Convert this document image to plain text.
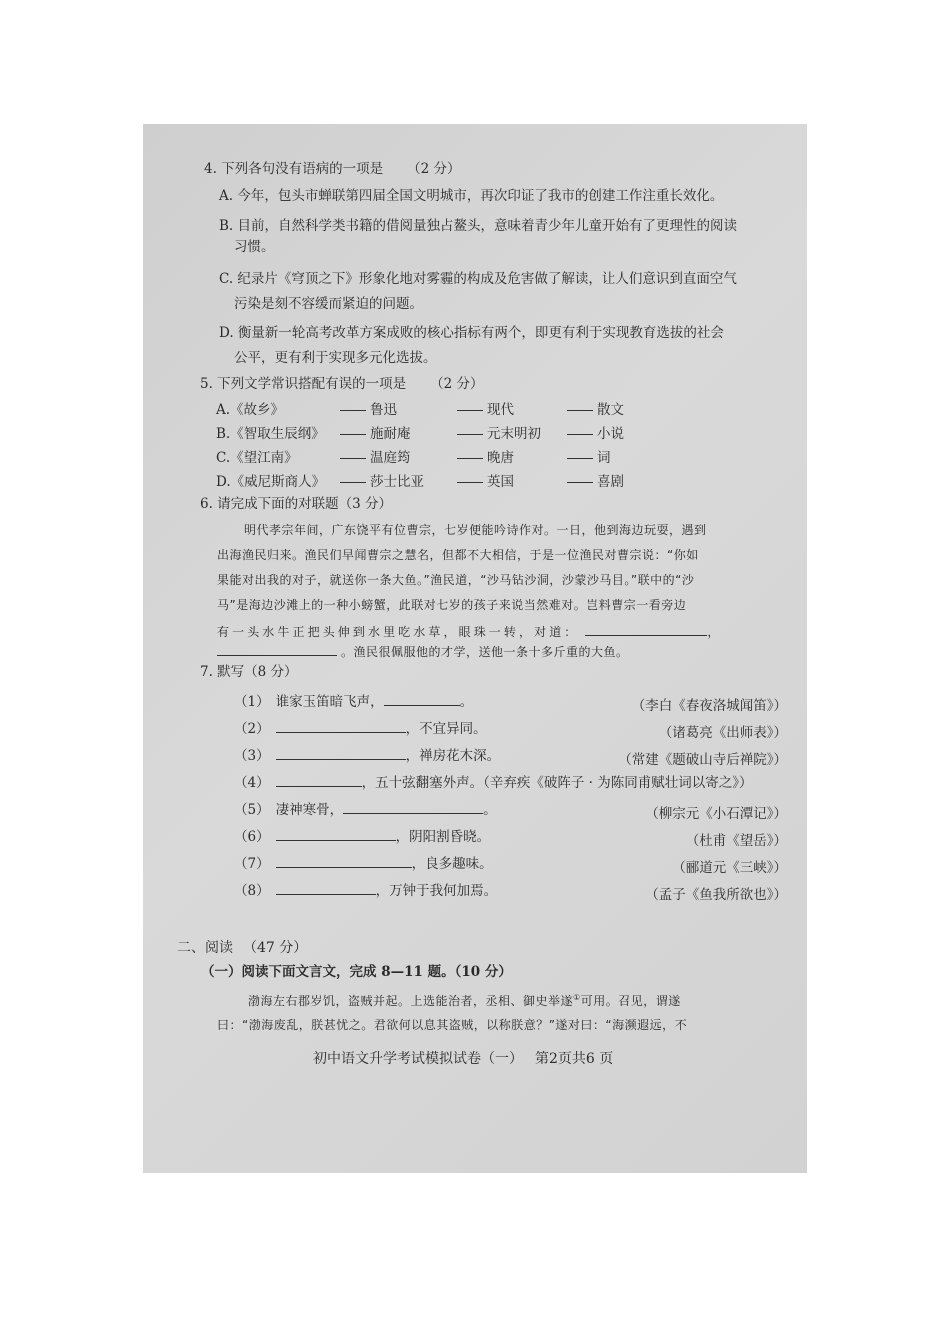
4. 下列各句没有语病的一项是 （2 分）
A. 今年，包头市蝉联第四届全国文明城市，再次印证了我市的创建工作注重长效化。
B. 目前，自然科学类书籍的借阅量独占鳌头，意味着青少年儿童开始有了更理性的阅读
习惯。
C. 纪录片《穹顶之下》形象化地对雾霾的构成及危害做了解读，让人们意识到直面空气
污染是刻不容缓而紧迫的问题。
D. 衡量新一轮高考改革方案成败的核心指标有两个，即更有利于实现教育选拔的社会
公平，更有利于实现多元化选拔。
5. 下列文学常识搭配有误的一项是 （2 分）
A.《故乡》	鲁迅	现代	散文
B.《智取生辰纲》	施耐庵	元末明初	小说
C.《望江南》	温庭筠	晚唐	词
D.《威尼斯商人》	莎士比亚	英国	喜剧
6. 请完成下面的对联题（3 分）
明代孝宗年间，广东饶平有位曹宗，七岁便能吟诗作对。一日，他到海边玩耍，遇到
出海渔民归来。渔民们早闻曹宗之慧名，但都不大相信，于是一位渔民对曹宗说：“你如
果能对出我的对子，就送你一条大鱼。”渔民道，“沙马钻沙洞，沙蒙沙马目。”联中的“沙
马”是海边沙滩上的一种小螃蟹，此联对七岁的孩子来说当然难对。岂料曹宗一看旁边
有一头水牛正把头伸到水里吃水草，眼珠一转，对道：	，
。渔民很佩服他的才学，送他一条十多斤重的大鱼。
7. 默写（8 分）
（1） 谁家玉笛暗飞声，	。	（李白《春夜洛城闻笛》）
（2）	，不宜异同。	（诸葛亮《出师表》）
（3）	，禅房花木深。	（常建《题破山寺后禅院》）
（4）	，五十弦翻塞外声。（辛弃疾《破阵子 · 为陈同甫赋壮词以寄之》）
（5） 凄神寒骨，	。	（柳宗元《小石潭记》）
（6）	，阴阳割昏晓。	（杜甫《望岳》）
（7）	，良多趣味。	（郦道元《三峡》）
（8）	，万钟于我何加焉。	（孟子《鱼我所欲也》）
二、阅读 （47 分）
（一）阅读下面文言文，完成 8—11 题。（10 分）
渤海左右郡岁饥，盗贼并起。上选能治者，丞相、御史举遂①可用。召见，谓遂
曰：“渤海废乱，朕甚忧之。君欲何以息其盗贼，以称朕意？”遂对曰：“海濒遐远，不
初中语文升学考试模拟试卷（一） 第2页共6 页
